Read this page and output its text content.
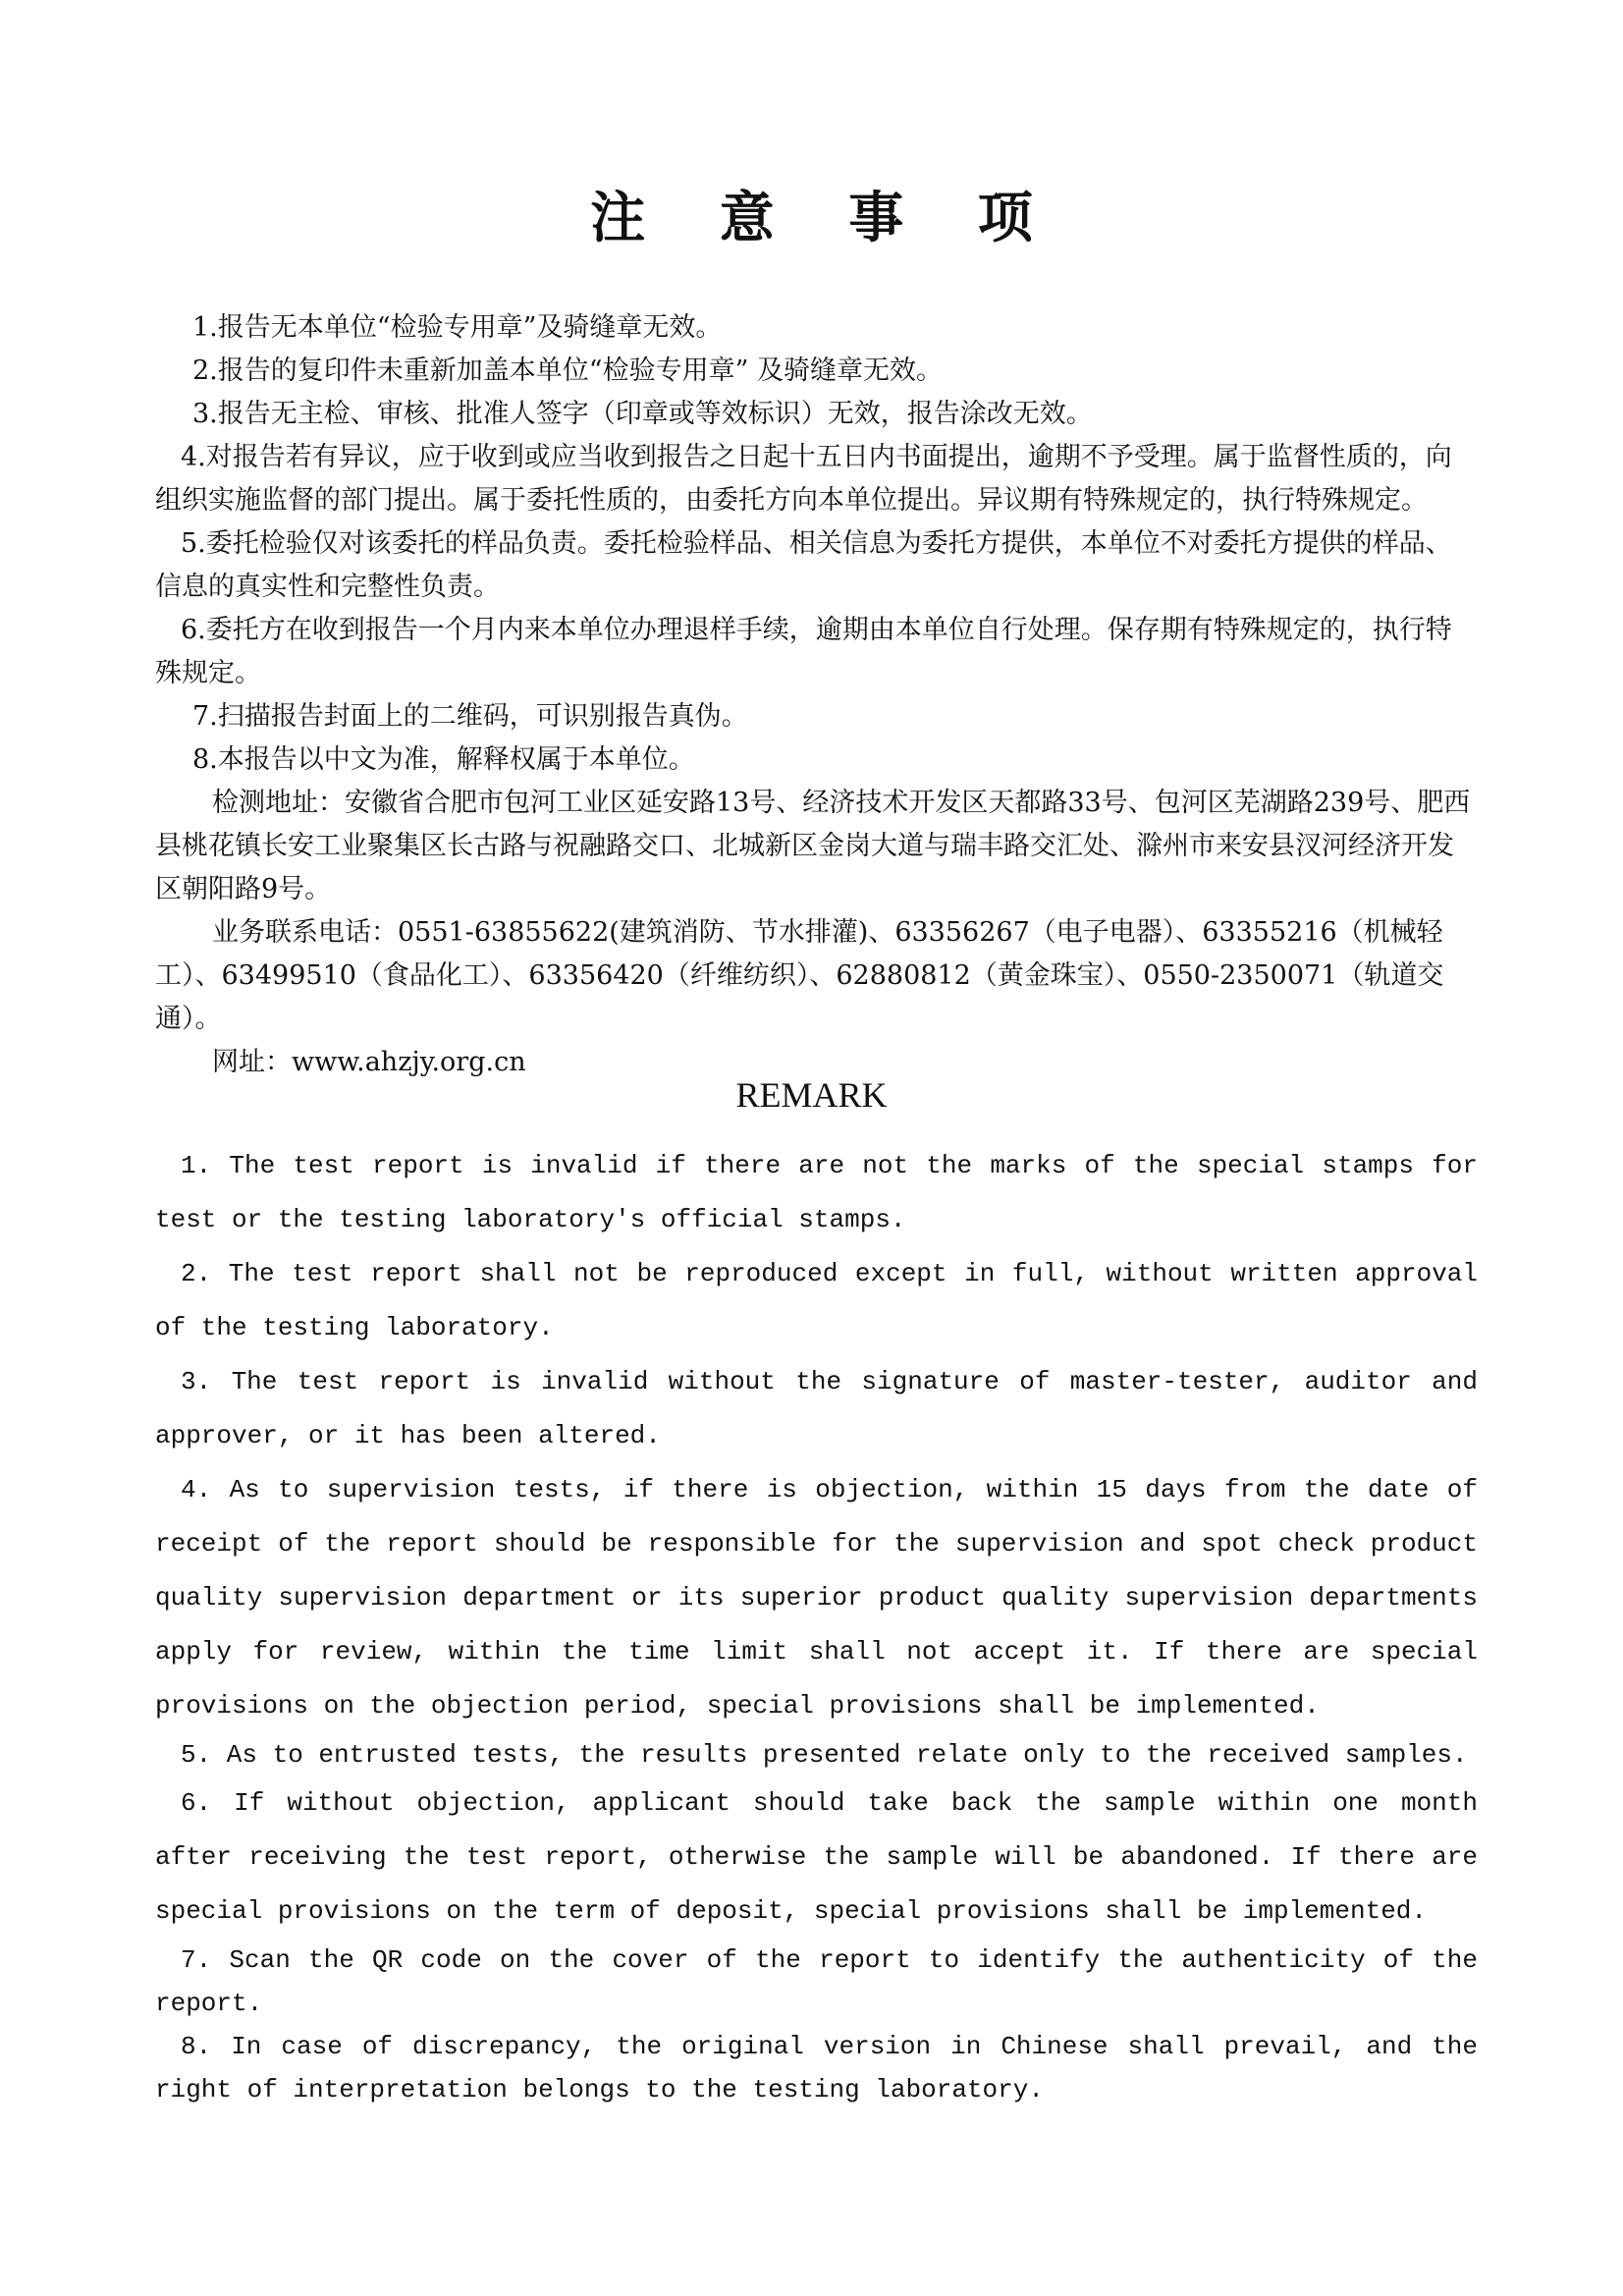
注 意 事 项

1.报告无本单位“检验专用章”及骑缝章无效。

2.报告的复印件未重新加盖本单位“检验专用章” 及骑缝章无效。

3.报告无主检、审核、批准人签字（印章或等效标识）无效，报告涂改无效。

4.对报告若有异议，应于收到或应当收到报告之日起十五日内书面提出，逾期不予受理。属于监督性质的，向组织实施监督的部门提出。属于委托性质的，由委托方向本单位提出。异议期有特殊规定的，执行特殊规定。

5.委托检验仅对该委托的样品负责。委托检验样品、相关信息为委托方提供，本单位不对委托方提供的样品、信息的真实性和完整性负责。

6.委托方在收到报告一个月内来本单位办理退样手续，逾期由本单位自行处理。保存期有特殊规定的，执行特殊规定。

7.扫描报告封面上的二维码，可识别报告真伪。

8.本报告以中文为准，解释权属于本单位。

检测地址：安徽省合肥市包河工业区延安路13号、经济技术开发区天都路33号、包河区芜湖路239号、肥西县桃花镇长安工业聚集区长古路与祝融路交口、北城新区金岗大道与瑞丰路交汇处、滁州市来安县汊河经济开发区朝阳路9号。

业务联系电话：0551-63855622(建筑消防、节水排灌)、63356267（电子电器）、63355216（机械轻工）、63499510（食品化工）、63356420（纤维纺织）、62880812（黄金珠宝）、0550-2350071（轨道交通）。

网址：www.ahzjy.org.cn

REMARK

1. The test report is invalid if there are not the marks of the special stamps for test or the testing laboratory's official stamps.

2. The test report shall not be reproduced except in full, without written approval of the testing laboratory.

3. The test report is invalid without the signature of master-tester, auditor and approver, or it has been altered.

4. As to supervision tests, if there is objection, within 15 days from the date of receipt of the report should be responsible for the supervision and spot check product quality supervision department or its superior product quality supervision departments apply for review, within the time limit shall not accept it. If there are special provisions on the objection period, special provisions shall be implemented.

5. As to entrusted tests, the results presented relate only to the received samples.

6. If without objection, applicant should take back the sample within one month after receiving the test report, otherwise the sample will be abandoned. If there are special provisions on the term of deposit, special provisions shall be implemented.

7. Scan the QR code on the cover of the report to identify the authenticity of the report.

8. In case of discrepancy, the original version in Chinese shall prevail, and the right of interpretation belongs to the testing laboratory.
